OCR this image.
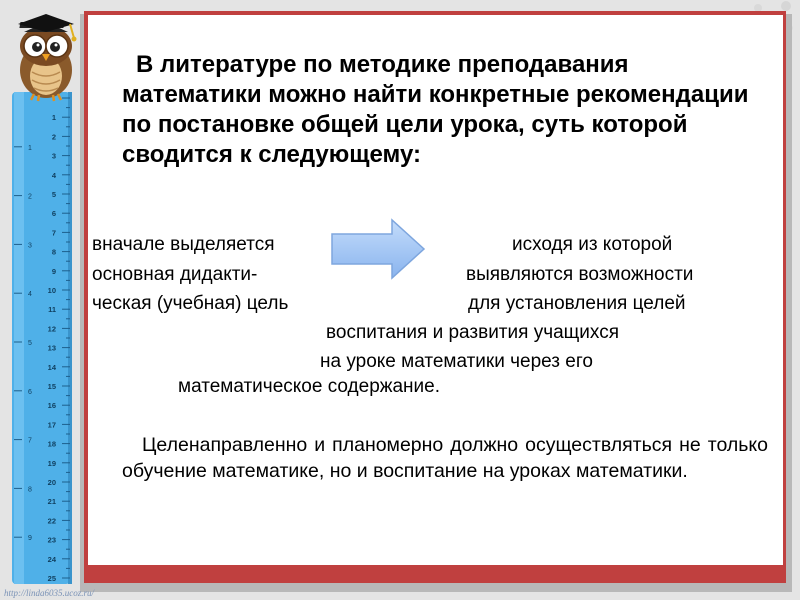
1
2
3
4
5
6
7
8
9
10
11
12
13
14
15
16
17
18
19
20
21
22
23
24
25
1
2
3
4
5
6
7
8
9
В литературе по методике преподавания математики можно найти конкретные рекомендации по постановке общей цели урока, суть которой сводится к следующему:
вначале выделяется
основная дидакти-
ческая (учебная) цель
исходя из которой
выявляются возможности
для установления целей
воспитания и развития учащихся
на уроке математики через его
математическое содержание.

Целенаправленно и планомерно должно осуществляться не только обучение математике, но и воспитание на уроках математики.

http://linda6035.ucoz.ru/
